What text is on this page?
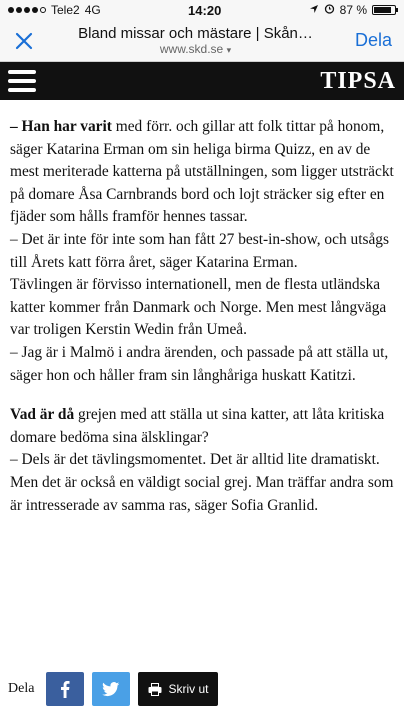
Tele2 4G	14:20	87 %
Bland missar och mästare | Skån…
www.skd.se ▾	Dela
TIPSA

– Han har varit med förr. och gillar att folk tittar på honom, säger Katarina Erman om sin heliga birma Quizz, en av de mest meriterade katterna på utställningen, som ligger utsträckt på domare Åsa Carnbrands bord och lojt sträcker sig efter en fjäder som hålls framför hennes tassar.

– Det är inte för inte som han fått 27 best-in-show, och utsågs till Årets katt förra året, säger Katarina Erman.

Tävlingen är förvisso internationell, men de flesta utländska katter kommer från Danmark och Norge. Men mest långväga var troligen Kerstin Wedin från Umeå.

– Jag är i Malmö i andra ärenden, och passade på att ställa ut, säger hon och håller fram sin långhåriga huskatt Katitzi.

Vad är då grejen med att ställa ut sina katter, att låta kritiska domare bedöma sina älsklingar?

– Dels är det tävlingsmomentet. Det är alltid lite dramatiskt. Men det är också en väldigt social grej. Man träffar andra som är intresserade av samma ras, säger Sofia Granlid.

Dela	Skriv ut
